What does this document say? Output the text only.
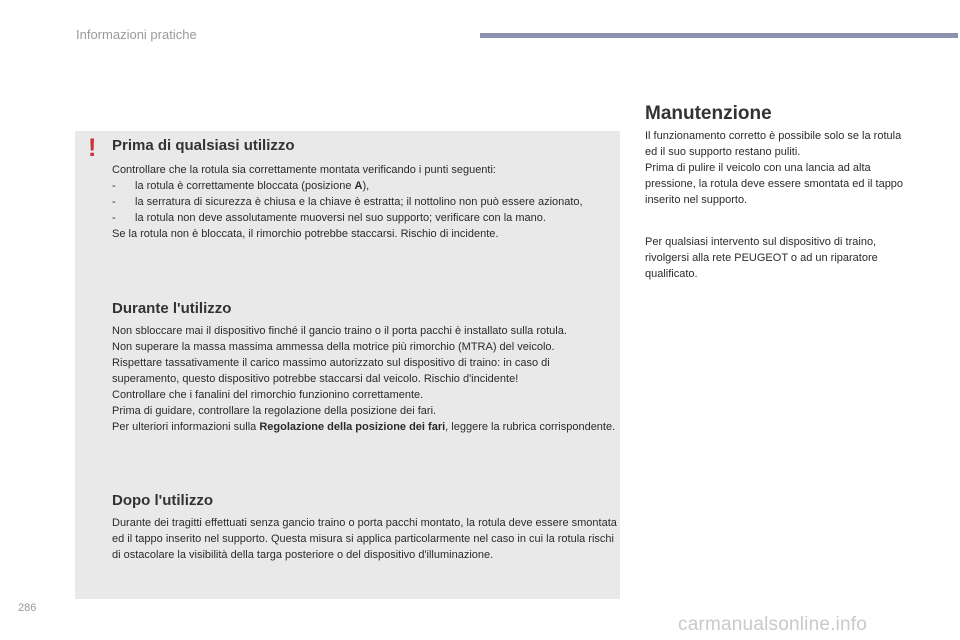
Informazioni pratiche
! Prima di qualsiasi utilizzo
Controllare che la rotula sia correttamente montata verificando i punti seguenti:
-	la rotula è correttamente bloccata (posizione A),
-	la serratura di sicurezza è chiusa e la chiave è estratta; il nottolino non può essere azionato,
-	la rotula non deve assolutamente muoversi nel suo supporto; verificare con la mano.
Se la rotula non è bloccata, il rimorchio potrebbe staccarsi. Rischio di incidente.
Durante l'utilizzo
Non sbloccare mai il dispositivo finché il gancio traino o il porta pacchi è installato sulla rotula.
Non superare la massa massima ammessa della motrice più rimorchio (MTRA) del veicolo.
Rispettare tassativamente il carico massimo autorizzato sul dispositivo di traino: in caso di superamento, questo dispositivo potrebbe staccarsi dal veicolo. Rischio d'incidente!
Controllare che i fanalini del rimorchio funzionino correttamente.
Prima di guidare, controllare la regolazione della posizione dei fari.
Per ulteriori informazioni sulla Regolazione della posizione dei fari, leggere la rubrica corrispondente.
Dopo l'utilizzo

Durante dei tragitti effettuati senza gancio traino o porta pacchi montato, la rotula deve essere smontata ed il tappo inserito nel supporto. Questa misura si applica particolarmente nel caso in cui la rotula rischi di ostacolare la visibilità della targa posteriore o del dispositivo d'illuminazione.

Manutenzione
Il funzionamento corretto è possibile solo se la rotula ed il suo supporto restano puliti.
Prima di pulire il veicolo con una lancia ad alta pressione, la rotula deve essere smontata ed il tappo inserito nel supporto.

Per qualsiasi intervento sul dispositivo di traino, rivolgersi alla rete PEUGEOT o ad un riparatore qualificato.

286
carmanualsonline.info
